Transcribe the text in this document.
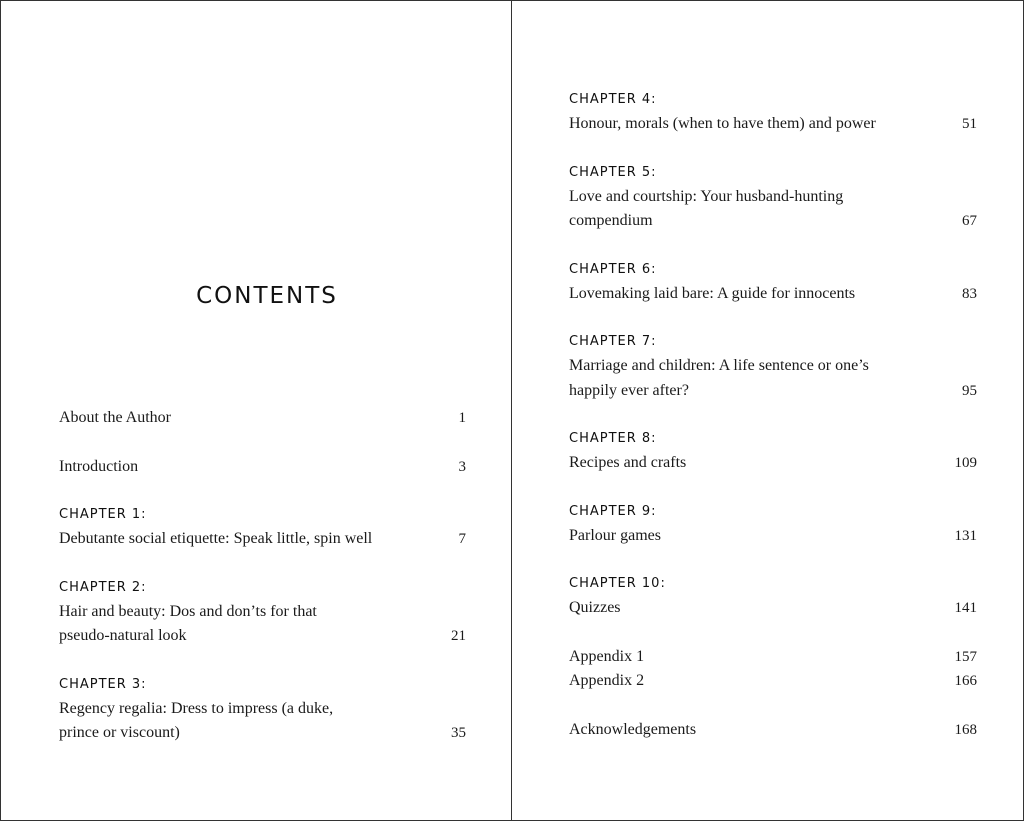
CONTENTS
About the Author	1
Introduction	3
CHAPTER 1:
Debutante social etiquette: Speak little, spin well	7
CHAPTER 2:
Hair and beauty: Dos and don’ts for that pseudo-natural look	21
CHAPTER 3:
Regency regalia: Dress to impress (a duke, prince or viscount)	35
CHAPTER 4:
Honour, morals (when to have them) and power	51
CHAPTER 5:
Love and courtship: Your husband-hunting compendium	67
CHAPTER 6:
Lovemaking laid bare: A guide for innocents	83
CHAPTER 7:
Marriage and children: A life sentence or one’s happily ever after?	95
CHAPTER 8:
Recipes and crafts	109
CHAPTER 9:
Parlour games	131
CHAPTER 10:
Quizzes	141
Appendix 1	157
Appendix 2	166
Acknowledgements	168
